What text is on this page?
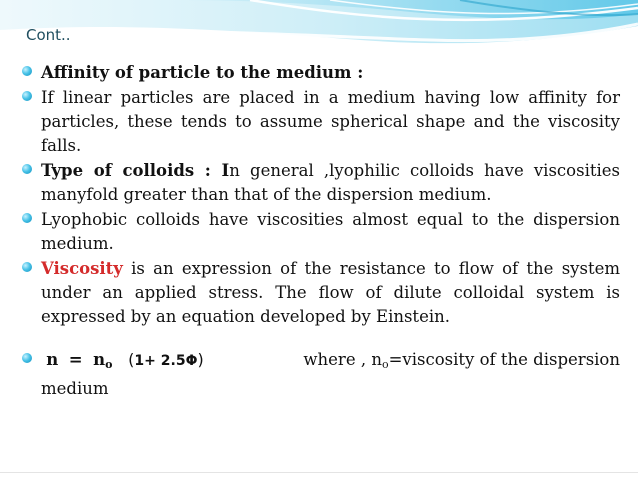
Cont..
Affinity of particle to the medium :
If linear particles are placed in a medium having low affinity for particles, these tends to assume spherical shape and the viscosity falls.
Type of colloids : In general ,lyophilic colloids have viscosities manyfold greater than that of the dispersion medium.
Lyophobic colloids have viscosities almost equal to the dispersion medium.
Viscosity is an expression of the resistance to flow of the system under an applied stress. The flow of dilute colloidal system is expressed by an equation developed by Einstein.
n = no (1+ 2.5Φ)	where , no=viscosity of the dispersion
medium
